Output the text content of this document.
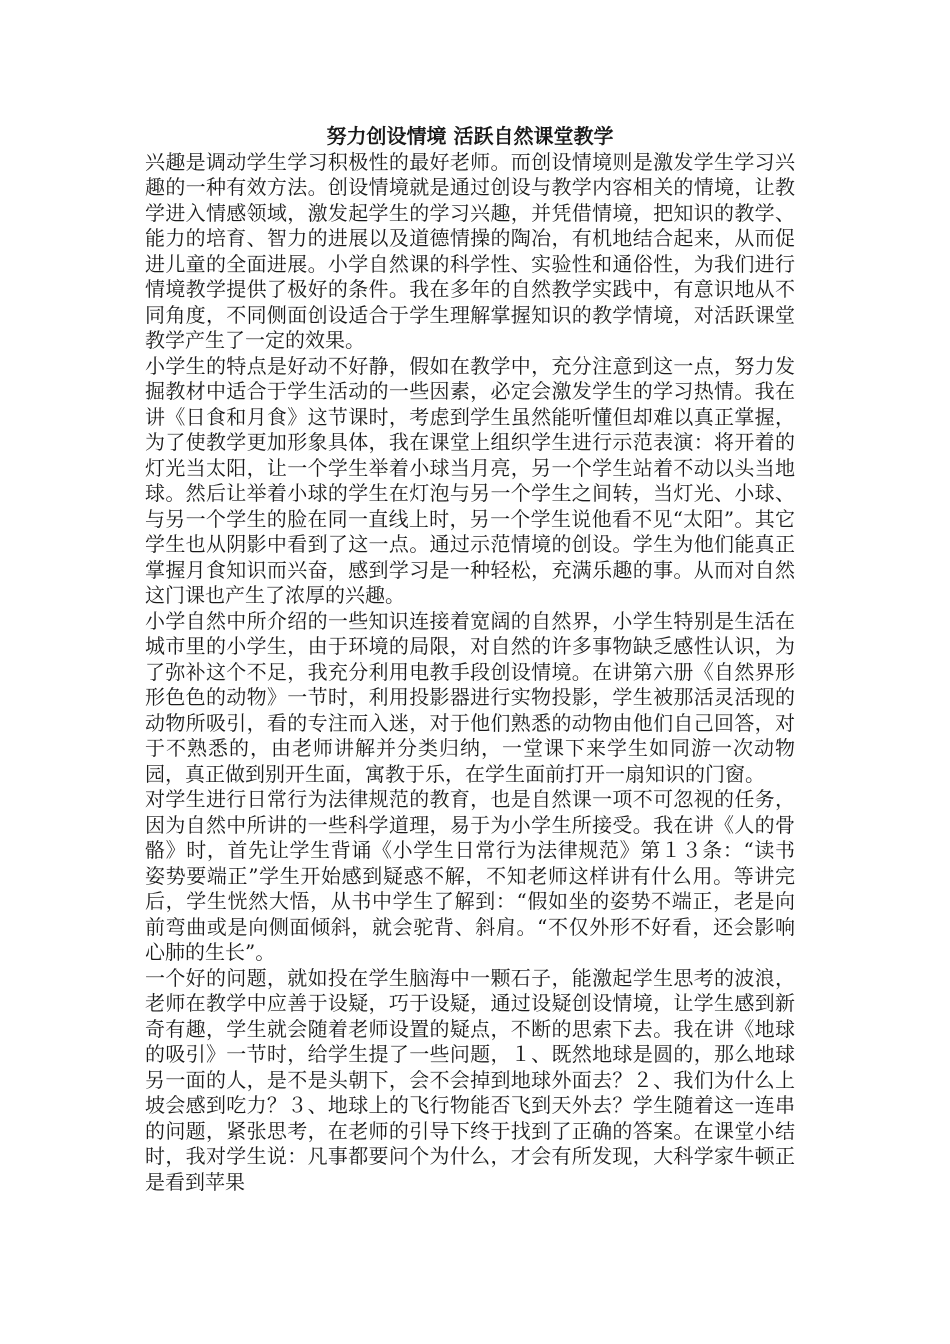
努力创设情境 活跃自然课堂教学

兴趣是调动学生学习积极性的最好老师。而创设情境则是激发学生学习兴趣的一种有效方法。创设情境就是通过创设与教学内容相关的情境，让教学进入情感领域，激发起学生的学习兴趣，并凭借情境，把知识的教学、能力的培育、智力的进展以及道德情操的陶冶，有机地结合起来，从而促进儿童的全面进展。小学自然课的科学性、实验性和通俗性，为我们进行情境教学提供了极好的条件。我在多年的自然教学实践中，有意识地从不同角度，不同侧面创设适合于学生理解掌握知识的教学情境，对活跃课堂教学产生了一定的效果。

小学生的特点是好动不好静，假如在教学中，充分注意到这一点，努力发掘教材中适合于学生活动的一些因素，必定会激发学生的学习热情。我在讲《日食和月食》这节课时，考虑到学生虽然能听懂但却难以真正掌握，为了使教学更加形象具体，我在课堂上组织学生进行示范表演：将开着的灯光当太阳，让一个学生举着小球当月亮，另一个学生站着不动以头当地球。然后让举着小球的学生在灯泡与另一个学生之间转，当灯光、小球、与另一个学生的脸在同一直线上时，另一个学生说他看不见“太阳”。其它学生也从阴影中看到了这一点。通过示范情境的创设。学生为他们能真正掌握月食知识而兴奋，感到学习是一种轻松，充满乐趣的事。从而对自然这门课也产生了浓厚的兴趣。

小学自然中所介绍的一些知识连接着宽阔的自然界，小学生特别是生活在城市里的小学生，由于环境的局限，对自然的许多事物缺乏感性认识，为了弥补这个不足，我充分利用电教手段创设情境。在讲第六册《自然界形形色色的动物》一节时，利用投影器进行实物投影，学生被那活灵活现的动物所吸引，看的专注而入迷，对于他们熟悉的动物由他们自己回答，对于不熟悉的，由老师讲解并分类归纳，一堂课下来学生如同游一次动物园，真正做到别开生面，寓教于乐，在学生面前打开一扇知识的门窗。

对学生进行日常行为法律规范的教育，也是自然课一项不可忽视的任务，因为自然中所讲的一些科学道理，易于为小学生所接受。我在讲《人的骨骼》时，首先让学生背诵《小学生日常行为法律规范》第１３条：“读书姿势要端正”学生开始感到疑惑不解，不知老师这样讲有什么用。等讲完后，学生恍然大悟，从书中学生了解到：“假如坐的姿势不端正，老是向前弯曲或是向侧面倾斜，就会驼背、斜肩。“不仅外形不好看，还会影响心肺的生长”。

一个好的问题，就如投在学生脑海中一颗石子，能激起学生思考的波浪，老师在教学中应善于设疑，巧于设疑，通过设疑创设情境，让学生感到新奇有趣，学生就会随着老师设置的疑点，不断的思索下去。我在讲《地球的吸引》一节时，给学生提了一些问题，１、既然地球是圆的，那么地球另一面的人，是不是头朝下，会不会掉到地球外面去？２、我们为什么上坡会感到吃力？３、地球上的飞行物能否飞到天外去？学生随着这一连串的问题，紧张思考，在老师的引导下终于找到了正确的答案。在课堂小结时，我对学生说：凡事都要问个为什么，才会有所发现，大科学家牛顿正是看到苹果
